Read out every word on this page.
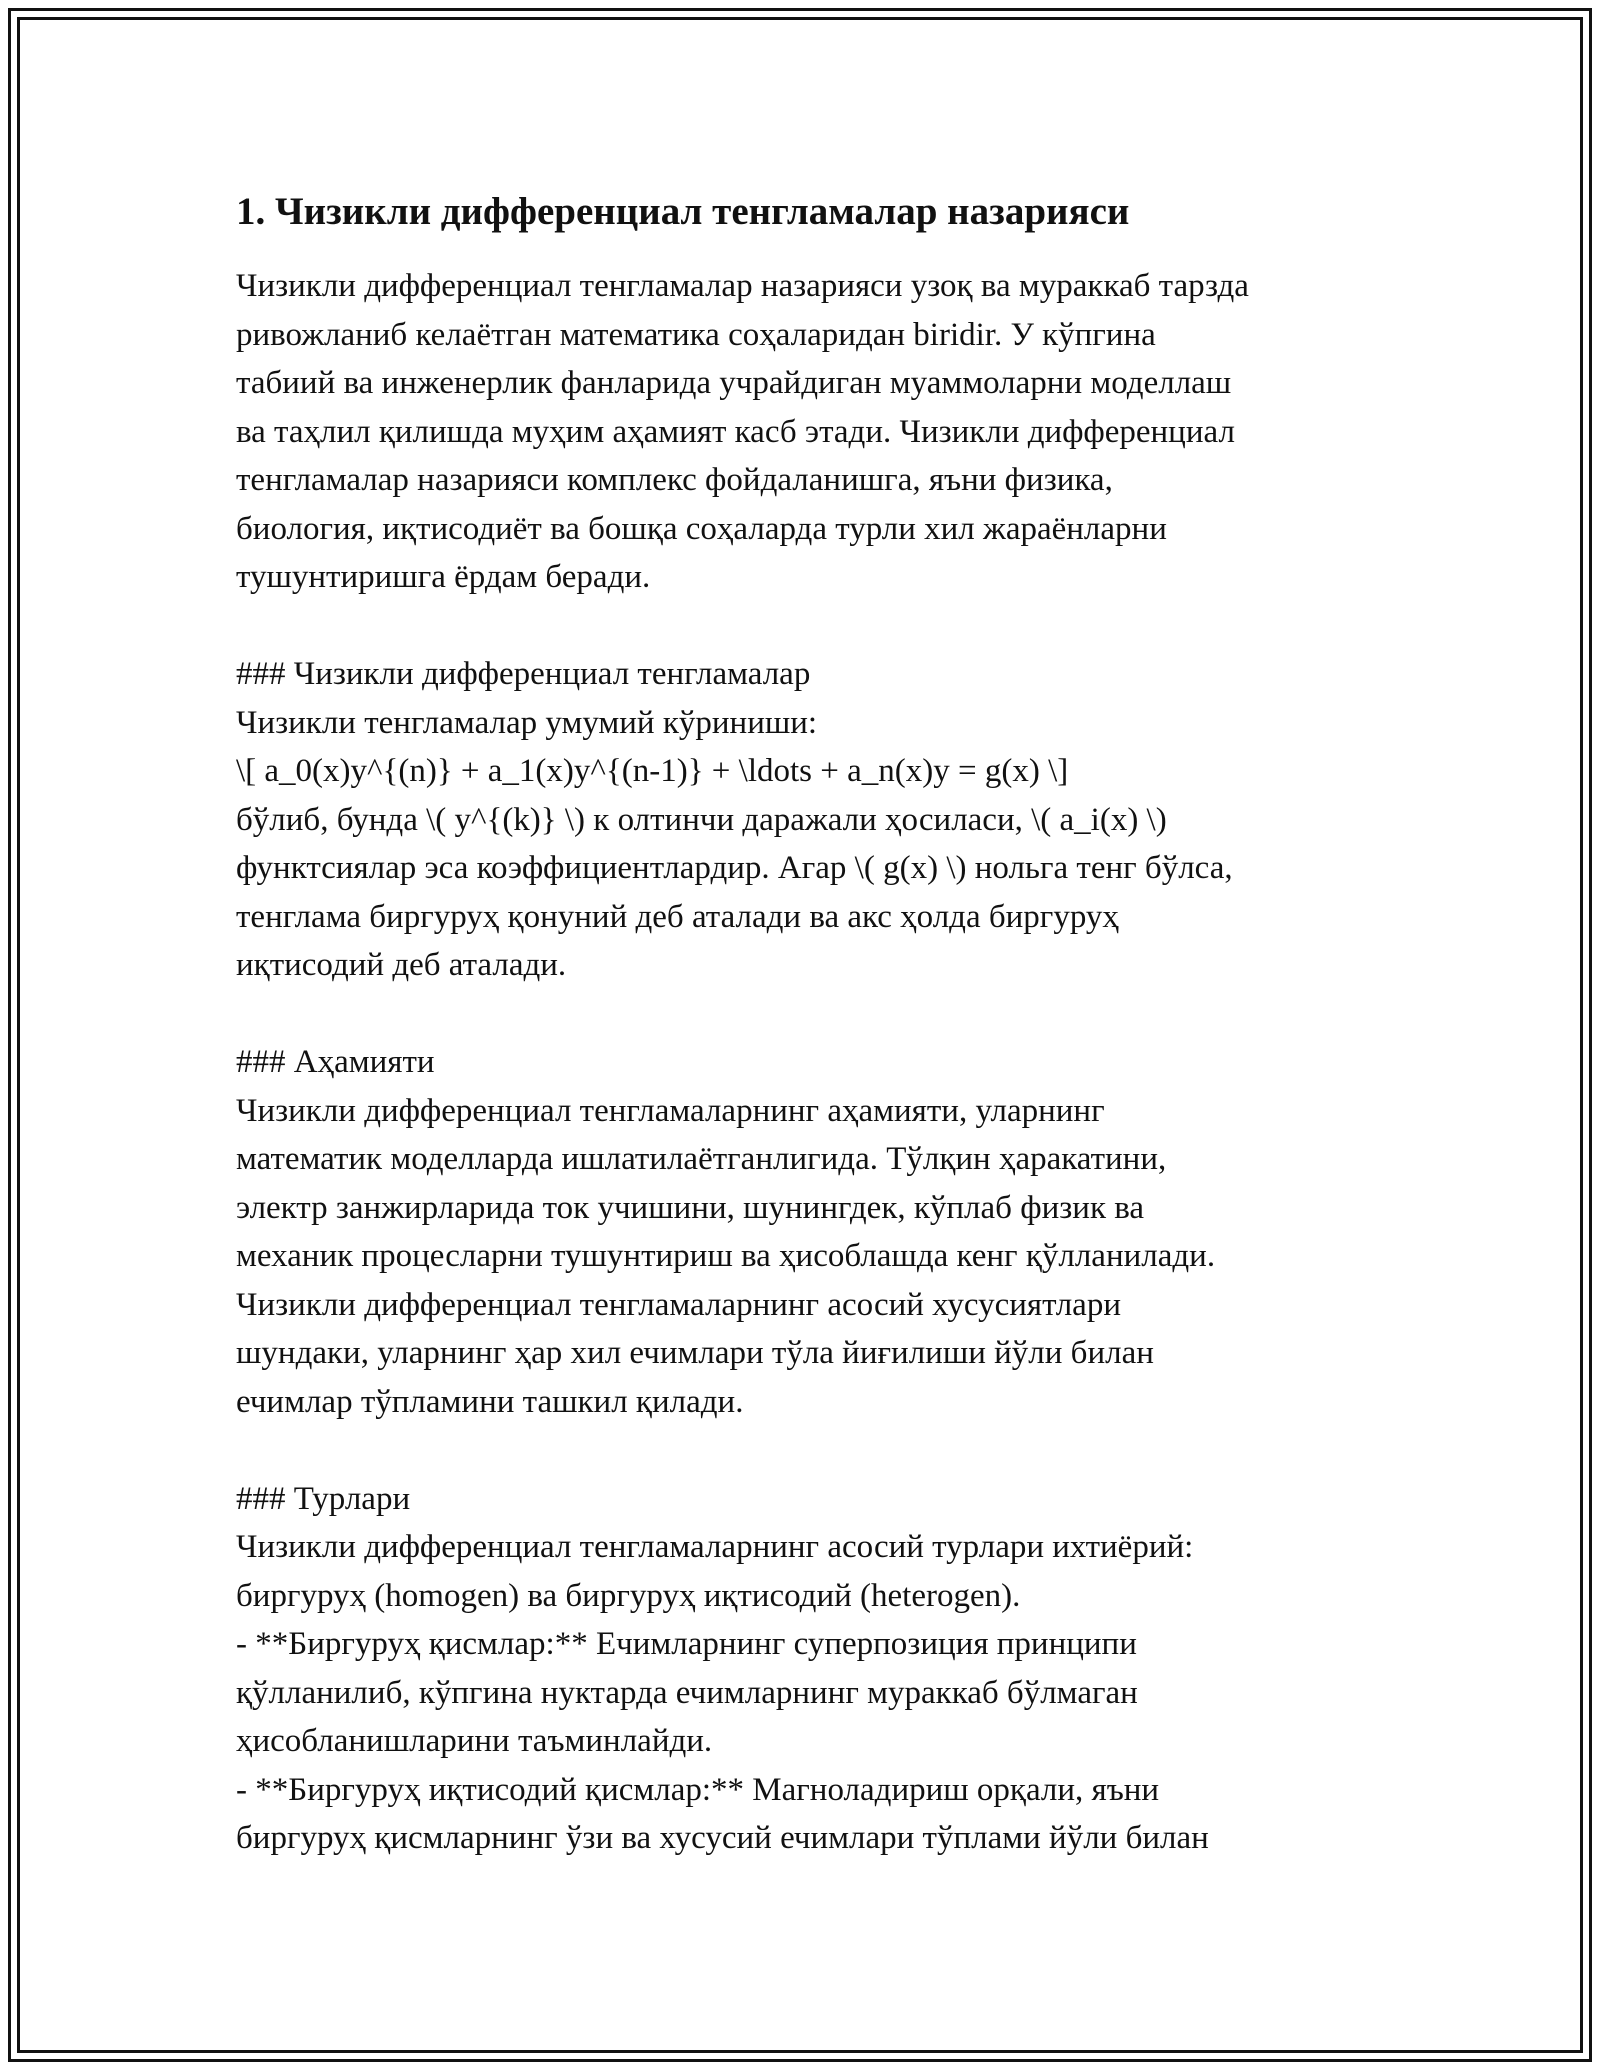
1. Чизикли дифференциал тенгламалар назарияси
Чизикли дифференциал тенгламалар назарияси узоқ ва мураккаб тарзда
ривожланиб келаётган математика соҳаларидан biridir. У кўпгина
табиий ва инженерлик фанларида учрайдиган муаммоларни моделлаш
ва таҳлил қилишда муҳим аҳамият касб этади. Чизикли дифференциал
тенгламалар назарияси комплекс фойдаланишга, яъни физика,
биология, иқтисодиёт ва бошқа соҳаларда турли хил жараёнларни
тушунтиришга ёрдам беради.
### Чизикли дифференциал тенгламалар
Чизикли тенгламалар умумий кўриниши:
\[ a_0(x)y^{(n)} + a_1(x)y^{(n-1)} + \ldots + a_n(x)y = g(x) \]
бўлиб, бунда \( y^{(k)} \) к олтинчи даражали ҳосиласи, \( a_i(x) \)
функтсиялар эса коэффициентлардир. Агар \( g(x) \) нольга тенг бўлса,
тенглама биргуруҳ қонуний деб аталади ва акс ҳолда биргуруҳ
иқтисодий деб аталади.
### Аҳамияти
Чизикли дифференциал тенгламаларнинг аҳамияти, уларнинг
математик моделларда ишлатилаётганлигида. Тўлқин ҳаракатини,
электр занжирларида ток учишини, шунингдек, кўплаб физик ва
механик процесларни тушунтириш ва ҳисоблашда кенг қўлланилади.
Чизикли дифференциал тенгламаларнинг асосий хусусиятлари
шундаки, уларнинг ҳар хил ечимлари тўла йиғилиши йўли билан
ечимлар тўпламини ташкил қилади.
### Турлари
Чизикли дифференциал тенгламаларнинг асосий турлари ихтиёрий:
биргуруҳ (homogen) ва биргуруҳ иқтисодий (heterogen).
- **Биргуруҳ қисмлар:** Ечимларнинг суперпозиция принципи
қўлланилиб, кўпгина нуктарда ечимларнинг мураккаб бўлмаган
ҳисобланишларини таъминлайди.
- **Биргуруҳ иқтисодий қисмлар:** Магноладириш орқали, яъни
биргуруҳ қисмларнинг ўзи ва хусусий ечимлари тўплами йўли билан
